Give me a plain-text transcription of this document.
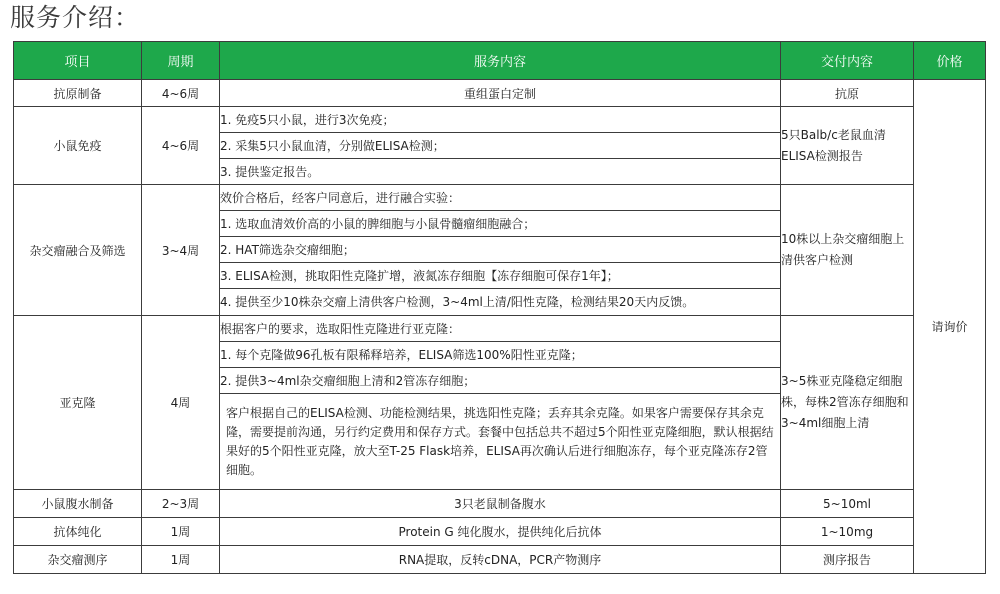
服务介绍：
项目	周期	服务内容	交付内容	价格
抗原制备	4~6周	重组蛋白定制	抗原	请询价
小鼠免疫	4~6周	1. 免疫5只小鼠，进行3次免疫；	5只Balb/c老鼠血清ELISA检测报告	
		2. 采集5只小鼠血清，分别做ELISA检测；		
		3. 提供鉴定报告。		
杂交瘤融合及筛选	3~4周	效价合格后，经客户同意后，进行融合实验：	10株以上杂交瘤细胞上清供客户检测	
		1. 选取血清效价高的小鼠的脾细胞与小鼠骨髓瘤细胞融合；		
		2. HAT筛选杂交瘤细胞；		
		3. ELISA检测，挑取阳性克隆扩增，液氮冻存细胞【冻存细胞可保存1年】；		
		4. 提供至少10株杂交瘤上清供客户检测，3~4ml上清/阳性克隆，检测结果20天内反馈。		
亚克隆	4周	根据客户的要求，选取阳性克隆进行亚克隆：	3~5株亚克隆稳定细胞株，每株2管冻存细胞和3~4ml细胞上清	
		1. 每个克隆做96孔板有限稀释培养，ELISA筛选100%阳性亚克隆；		
		2. 提供3~4ml杂交瘤细胞上清和2管冻存细胞；		
		客户根据自己的ELISA检测、功能检测结果，挑选阳性克隆；丢弃其余克隆。如果客户需要保存其余克隆，需要提前沟通，另行约定费用和保存方式。套餐中包括总共不超过5个阳性亚克隆细胞，默认根据结果好的5个阳性亚克隆，放大至T-25 Flask培养，ELISA再次确认后进行细胞冻存，每个亚克隆冻存2管细胞。		
小鼠腹水制备	2~3周	3只老鼠制备腹水	5~10ml	
抗体纯化	1周	Protein G 纯化腹水，提供纯化后抗体	1~10mg	
杂交瘤测序	1周	RNA提取，反转cDNA，PCR产物测序	测序报告	
